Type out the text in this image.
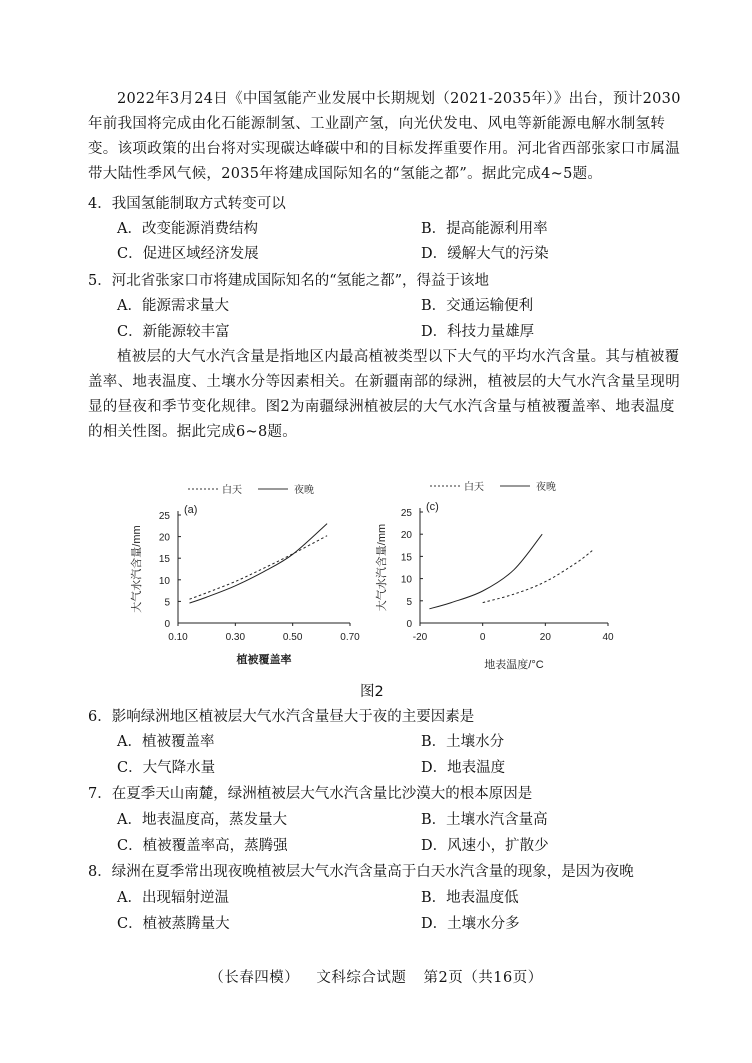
2022年3月24日《中国氢能产业发展中长期规划（2021-2035年）》出台，预计2030年前我国将完成由化石能源制氢、工业副产氢，向光伏发电、风电等新能源电解水制氢转变。该项政策的出台将对实现碳达峰碳中和的目标发挥重要作用。河北省西部张家口市属温带大陆性季风气候，2035年将建成国际知名的“氢能之都”。据此完成4~5题。

4．我国氢能制取方式转变可以

A．改变能源消费结构	B．提高能源利用率

C．促进区域经济发展	D．缓解大气的污染

5．河北省张家口市将建成国际知名的“氢能之都”，得益于该地

A．能源需求量大	B．交通运输便利

C．新能源较丰富	D．科技力量雄厚

植被层的大气水汽含量是指地区内最高植被类型以下大气的平均水汽含量。其与植被覆盖率、地表温度、土壤水分等因素相关。在新疆南部的绿洲，植被层的大气水汽含量呈现明显的昼夜和季节变化规律。图2为南疆绿洲植被层的大气水汽含量与植被覆盖率、地表温度的相关性图。据此完成6~8题。

0
5
10
15
20
25
0.10	0.30	0.50	0.70
(a)
大气水汽含量/mm
植被覆盖率
白天	夜晚
0
5
10
15
20
25
-20	0	20	40
(c)
大气水汽含量/mm
地表温度/°C
白天	夜晚
图2

6．影响绿洲地区植被层大气水汽含量昼大于夜的主要因素是

A．植被覆盖率	B．土壤水分

C．大气降水量	D．地表温度

7．在夏季天山南麓，绿洲植被层大气水汽含量比沙漠大的根本原因是

A．地表温度高，蒸发量大	B．土壤水汽含量高

C．植被覆盖率高，蒸腾强	D．风速小，扩散少

8．绿洲在夏季常出现夜晚植被层大气水汽含量高于白天水汽含量的现象，是因为夜晚

A．出现辐射逆温	B．地表温度低

C．植被蒸腾量大	D．土壤水分多

（长春四模） 文科综合试题 第2页（共16页）
